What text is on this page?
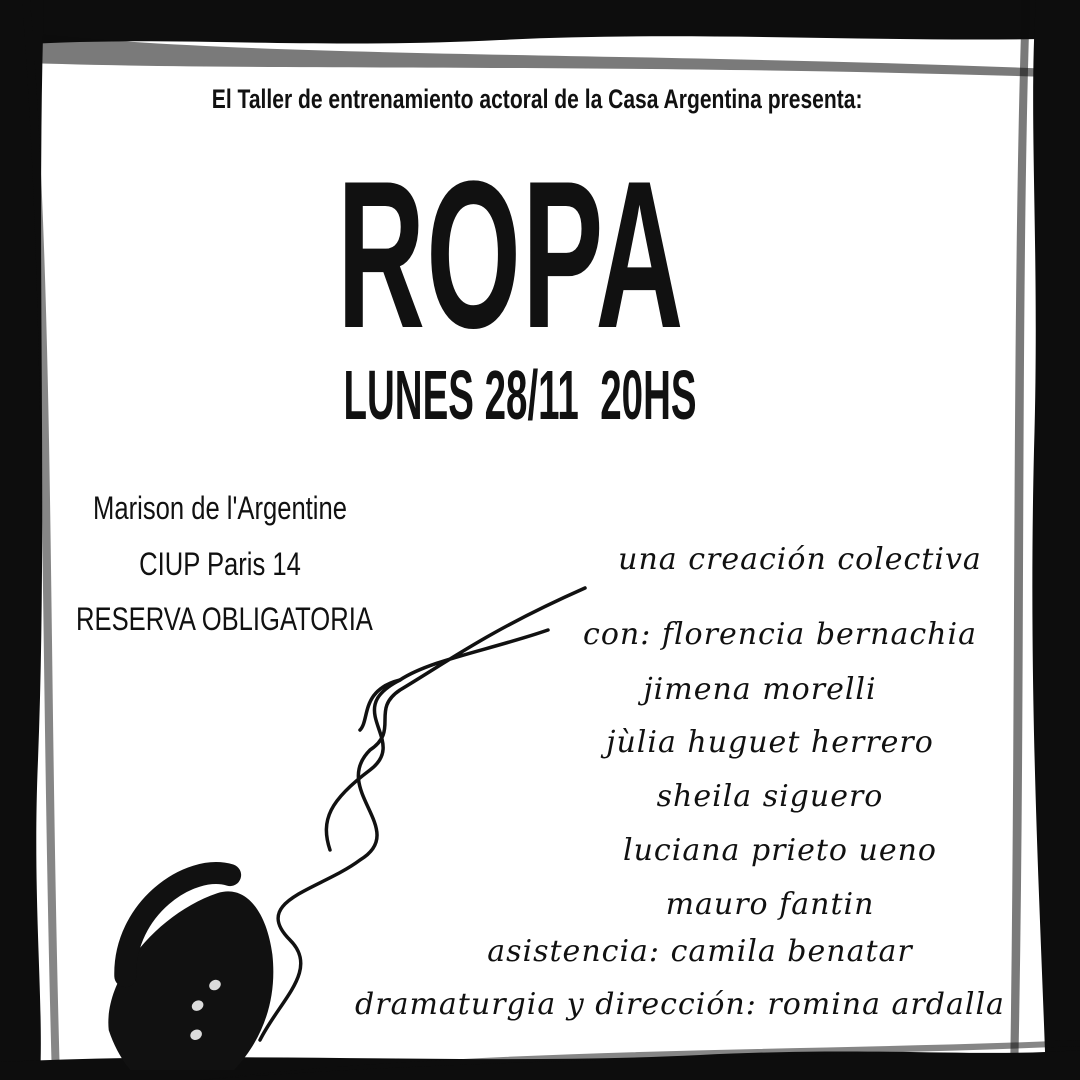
El Taller de entrenamiento actoral de la Casa Argentina presenta:
ROPA
LUNES 28/11  20HS
Marison de l'Argentine
CIUP Paris 14
RESERVA OBLIGATORIA
una creación colectiva
con: florencia bernachia
jimena morelli
jùlia huguet herrero
sheila siguero
luciana prieto ueno
mauro fantin
asistencia: camila benatar
dramaturgia y dirección: romina ardalla
